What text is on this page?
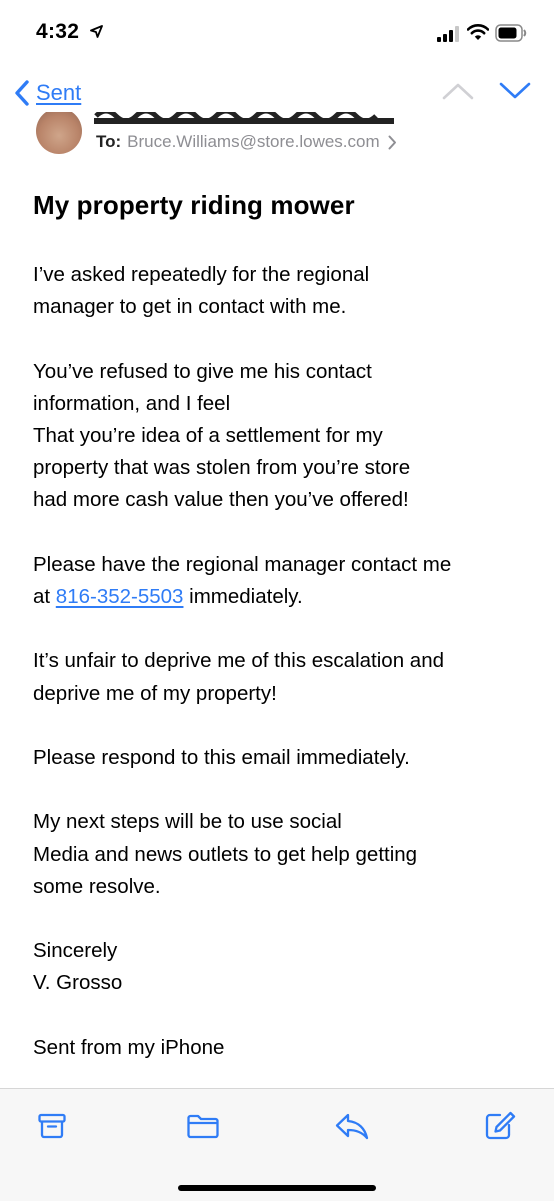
4:32
Sent
To: Bruce.Williams@store.lowes.com
My property riding mower

I’ve asked repeatedly for the regional
manager to get in contact with me.

You’ve refused to give me his contact
information, and I feel
That you’re idea of a settlement for my
property that was stolen from you’re store
had more cash value then you’ve offered!

Please have the regional manager contact me
at 816-352-5503 immediately.

It’s unfair to deprive me of this escalation and
deprive me of my property!

Please respond to this email immediately.

My next steps will be to use social
Media and news outlets to get help getting
some resolve.

Sincerely
V. Grosso

Sent from my iPhone
